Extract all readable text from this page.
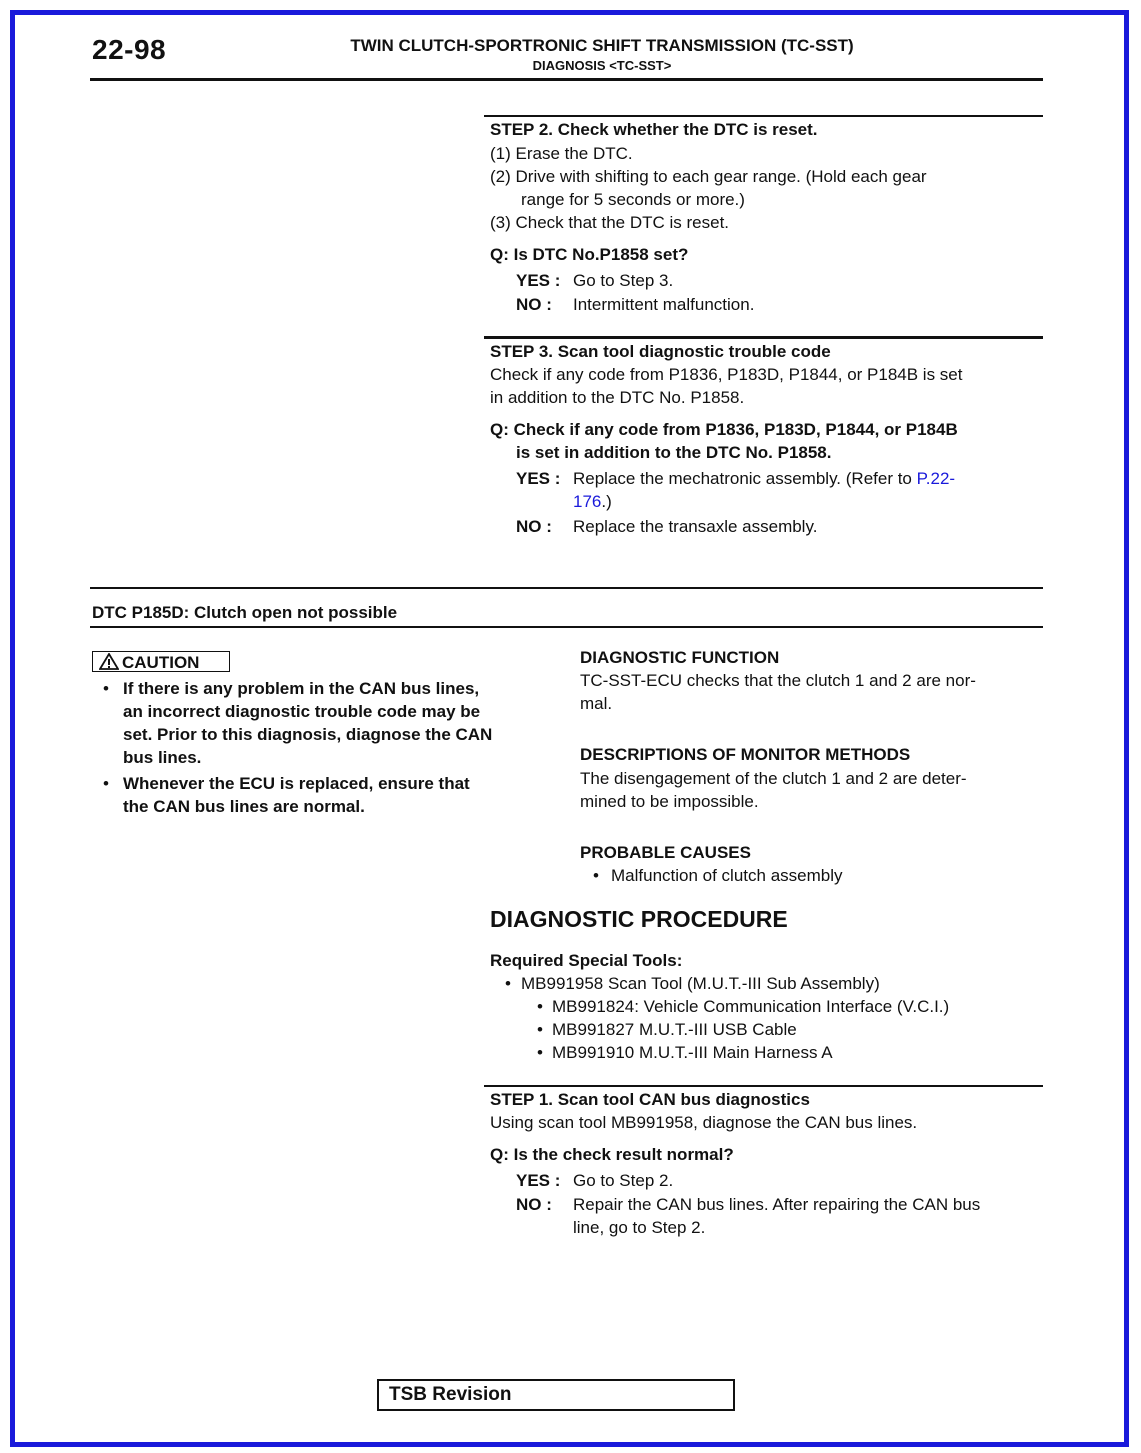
22-98	TWIN CLUTCH-SPORTRONIC SHIFT TRANSMISSION (TC-SST)
DIAGNOSIS <TC-SST>
STEP 2. Check whether the DTC is reset.
(1) Erase the DTC.
(2) Drive with shifting to each gear range. (Hold each gear
range for 5 seconds or more.)
(3) Check that the DTC is reset.
Q: Is DTC No.P1858 set?
YES : Go to Step 3.
NO : Intermittent malfunction.
STEP 3. Scan tool diagnostic trouble code
Check if any code from P1836, P183D, P1844, or P184B is set
in addition to the DTC No. P1858.
Q: Check if any code from P1836, P183D, P1844, or P184B
is set in addition to the DTC No. P1858.
YES : Replace the mechatronic assembly. (Refer to P.22-
176.)
NO : Replace the transaxle assembly.
DTC P185D: Clutch open not possible
CAUTION
• If there is any problem in the CAN bus lines,
an incorrect diagnostic trouble code may be
set. Prior to this diagnosis, diagnose the CAN
bus lines.
• Whenever the ECU is replaced, ensure that
the CAN bus lines are normal.
DIAGNOSTIC FUNCTION
TC-SST-ECU checks that the clutch 1 and 2 are nor-
mal.
DESCRIPTIONS OF MONITOR METHODS
The disengagement of the clutch 1 and 2 are deter-
mined to be impossible.
PROBABLE CAUSES
• Malfunction of clutch assembly
DIAGNOSTIC PROCEDURE
Required Special Tools:
• MB991958 Scan Tool (M.U.T.-III Sub Assembly)
• MB991824: Vehicle Communication Interface (V.C.I.)
• MB991827 M.U.T.-III USB Cable
• MB991910 M.U.T.-III Main Harness A
STEP 1. Scan tool CAN bus diagnostics
Using scan tool MB991958, diagnose the CAN bus lines.
Q: Is the check result normal?
YES : Go to Step 2.
NO : Repair the CAN bus lines. After repairing the CAN bus
line, go to Step 2.
TSB Revision
